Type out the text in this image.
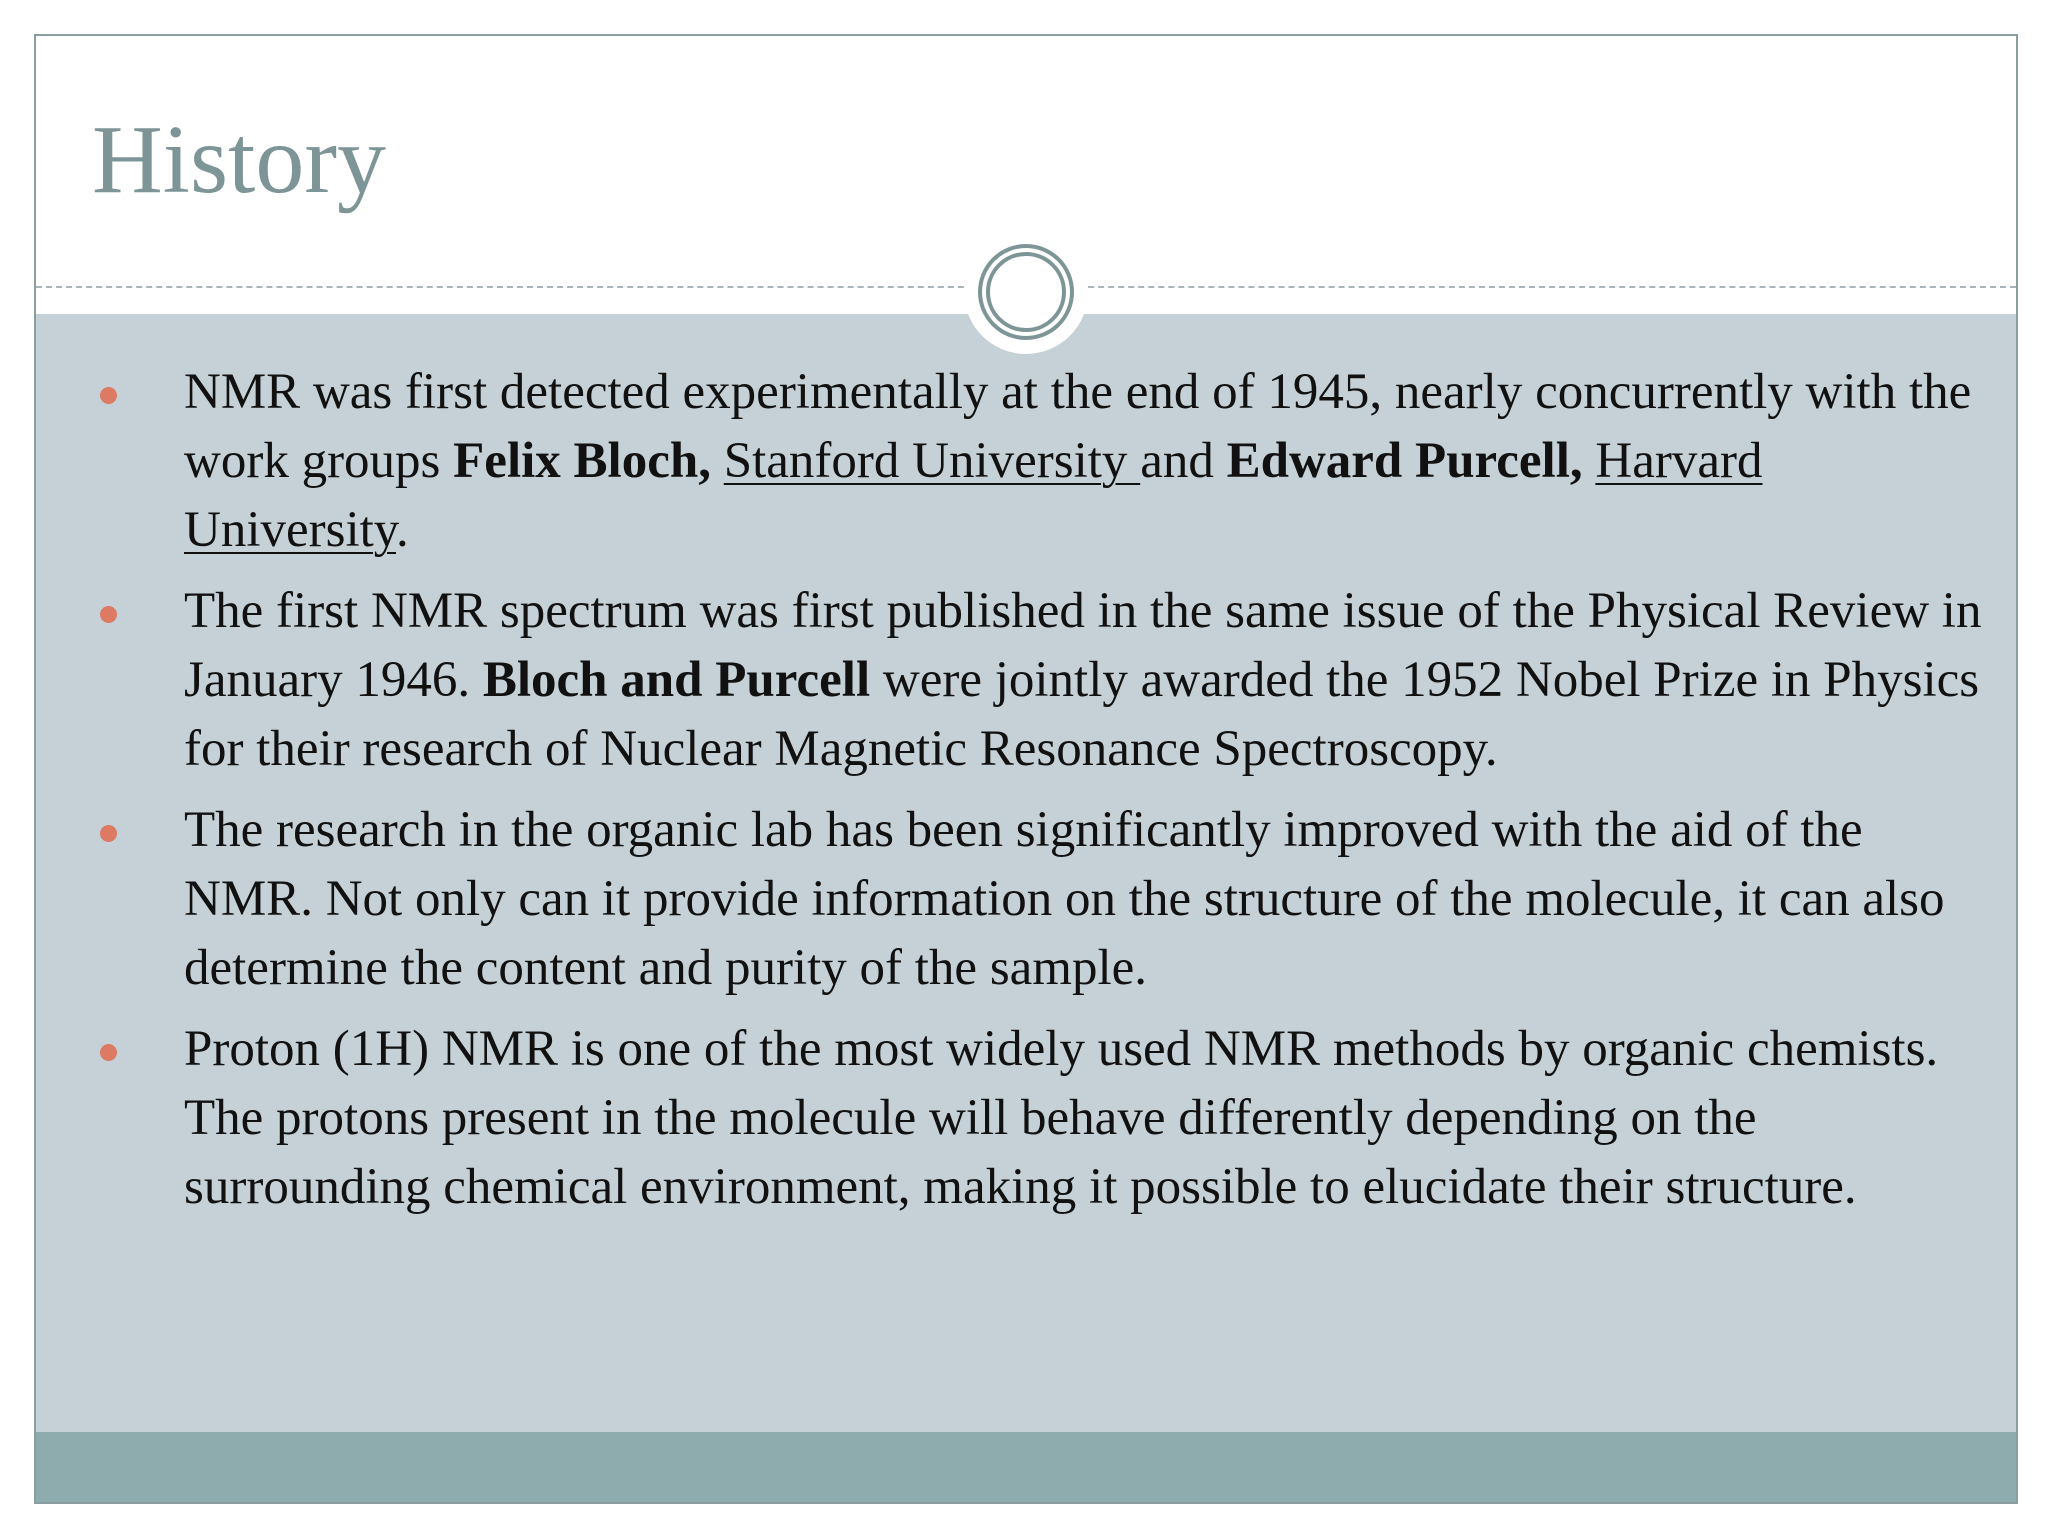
History
NMR was first detected experimentally at the end of 1945, nearly concurrently with the work groups Felix Bloch, Stanford University and Edward Purcell, Harvard University.
The first NMR spectrum was first published in the same issue of the Physical Review in January 1946. Bloch and Purcell were jointly awarded the 1952 Nobel Prize in Physics for their research of Nuclear Magnetic Resonance Spectroscopy.
The research in the organic lab has been significantly improved with the aid of the NMR. Not only can it provide information on the structure of the molecule, it can also determine the content and purity of the sample.
Proton (1H) NMR is one of the most widely used NMR methods by organic chemists. The protons present in the molecule will behave differently depending on the surrounding chemical environment, making it possible to elucidate their structure.
